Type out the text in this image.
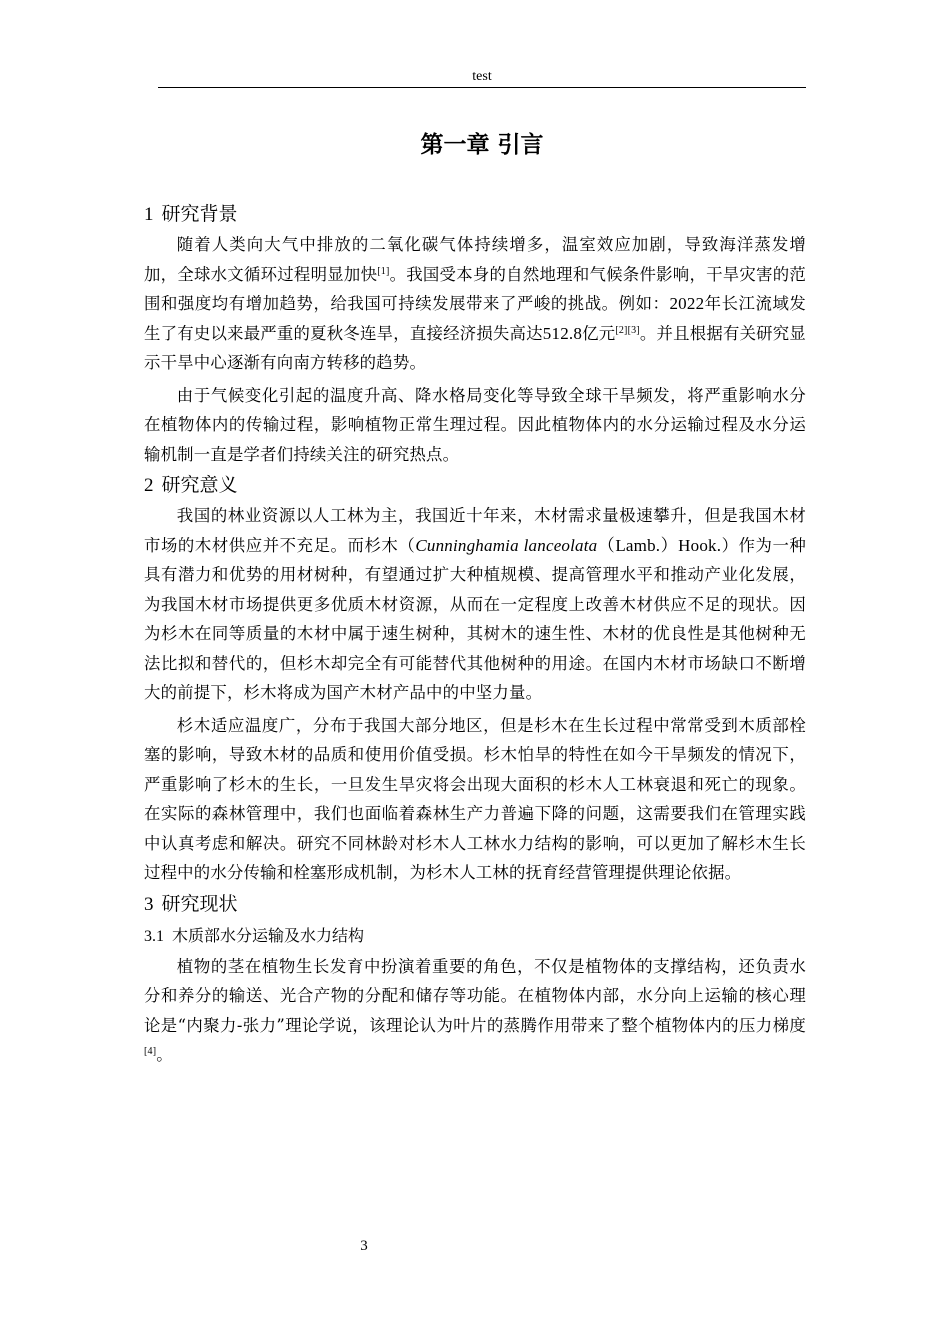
test
第一章 引言
1 研究背景

随着人类向大气中排放的二氧化碳气体持续增多，温室效应加剧，导致海洋蒸发增加，全球水文循环过程明显加快[1]。我国受本身的自然地理和气候条件影响，干旱灾害的范围和强度均有增加趋势，给我国可持续发展带来了严峻的挑战。例如：2022年长江流域发生了有史以来最严重的夏秋冬连旱，直接经济损失高达512.8亿元[2][3]。并且根据有关研究显示干旱中心逐渐有向南方转移的趋势。

由于气候变化引起的温度升高、降水格局变化等导致全球干旱频发，将严重影响水分在植物体内的传输过程，影响植物正常生理过程。因此植物体内的水分运输过程及水分运输机制一直是学者们持续关注的研究热点。

2 研究意义

我国的林业资源以人工林为主，我国近十年来，木材需求量极速攀升，但是我国木材市场的木材供应并不充足。而杉木（Cunninghamia lanceolata（Lamb.）Hook.）作为一种具有潜力和优势的用材树种，有望通过扩大种植规模、提高管理水平和推动产业化发展，为我国木材市场提供更多优质木材资源，从而在一定程度上改善木材供应不足的现状。因为杉木在同等质量的木材中属于速生树种，其树木的速生性、木材的优良性是其他树种无法比拟和替代的，但杉木却完全有可能替代其他树种的用途。在国内木材市场缺口不断增大的前提下，杉木将成为国产木材产品中的中坚力量。

杉木适应温度广，分布于我国大部分地区，但是杉木在生长过程中常常受到木质部栓塞的影响，导致木材的品质和使用价值受损。杉木怕旱的特性在如今干旱频发的情况下，严重影响了杉木的生长，一旦发生旱灾将会出现大面积的杉木人工林衰退和死亡的现象。在实际的森林管理中，我们也面临着森林生产力普遍下降的问题，这需要我们在管理实践中认真考虑和解决。研究不同林龄对杉木人工林水力结构的影响，可以更加了解杉木生长过程中的水分传输和栓塞形成机制，为杉木人工林的抚育经营管理提供理论依据。

3 研究现状
3.1 木质部水分运输及水力结构

植物的茎在植物生长发育中扮演着重要的角色，不仅是植物体的支撑结构，还负责水分和养分的输送、光合产物的分配和储存等功能。在植物体内部，水分向上运输的核心理论是“内聚力-张力”理论学说，该理论认为叶片的蒸腾作用带来了整个植物体内的压力梯度[4]。

3
